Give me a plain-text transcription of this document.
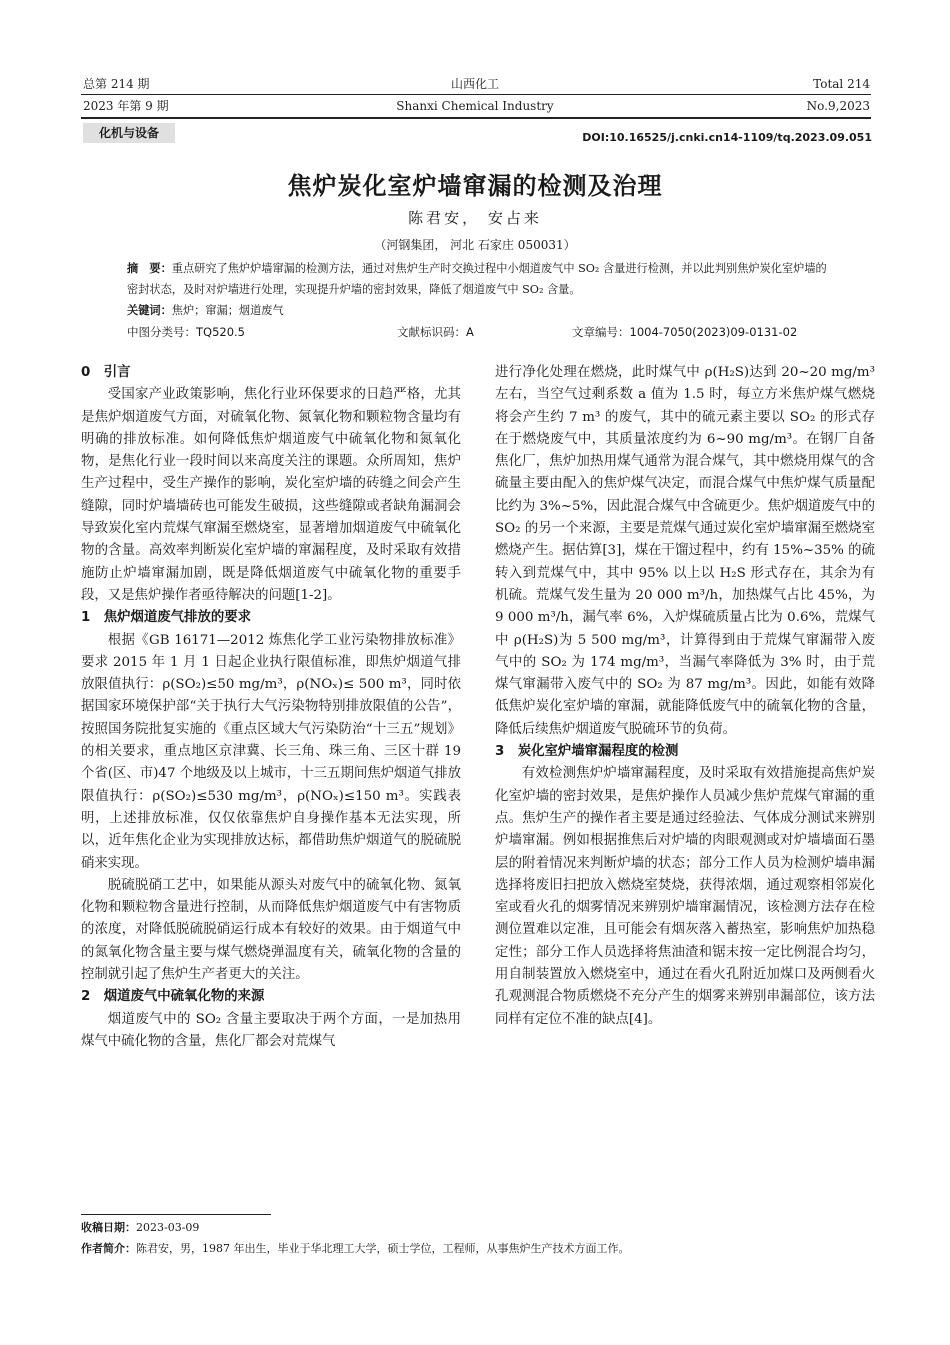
总第 214 期
2023 年第 9 期
山西化工
Shanxi Chemical Industry
Total 214
No.9,2023
化机与设备	DOI:10.16525/j.cnki.cn14-1109/tq.2023.09.051
焦炉炭化室炉墙窜漏的检测及治理
陈君安， 安占来
（河钢集团， 河北 石家庄 050031）
摘　要：重点研究了焦炉炉墙窜漏的检测方法，通过对焦炉生产时交换过程中小烟道废气中 SO₂ 含量进行检测，并以此判别焦炉炭化室炉墙的密封状态，及时对炉墙进行处理，实现提升炉墙的密封效果，降低了烟道废气中 SO₂ 含量。
关键词：焦炉；窜漏；烟道废气
中图分类号：TQ520.5	文献标识码：A	文章编号：1004-7050(2023)09-0131-02
0　引言

受国家产业政策影响，焦化行业环保要求的日趋严格，尤其是焦炉烟道废气方面，对硫氧化物、氮氧化物和颗粒物含量均有明确的排放标准。如何降低焦炉烟道废气中硫氧化物和氮氧化物，是焦化行业一段时间以来高度关注的课题。众所周知，焦炉生产过程中，受生产操作的影响，炭化室炉墙的砖缝之间会产生缝隙，同时炉墙墙砖也可能发生破损，这些缝隙或者缺角漏洞会导致炭化室内荒煤气窜漏至燃烧室，显著增加烟道废气中硫氧化物的含量。高效率判断炭化室炉墙的窜漏程度，及时采取有效措施防止炉墙窜漏加剧，既是降低烟道废气中硫氧化物的重要手段，又是焦炉操作者亟待解决的问题[1-2]。

1　焦炉烟道废气排放的要求

根据《GB 16171—2012 炼焦化学工业污染物排放标准》要求 2015 年 1 月 1 日起企业执行限值标准，即焦炉烟道气排放限值执行：ρ(SO₂)≤50 mg/m³，ρ(NOₓ)≤ 500 m³，同时依据国家环境保护部“关于执行大气污染物特别排放限值的公告”，按照国务院批复实施的《重点区域大气污染防治“十三五”规划》的相关要求，重点地区京津冀、长三角、珠三角、三区十群 19 个省(区、市)47 个地级及以上城市，十三五期间焦炉烟道气排放限值执行：ρ(SO₂)≤530 mg/m³，ρ(NOₓ)≤150 m³。实践表明，上述排放标准，仅仅依靠焦炉自身操作基本无法实现，所以，近年焦化企业为实现排放达标，都借助焦炉烟道气的脱硫脱硝来实现。

脱硫脱硝工艺中，如果能从源头对废气中的硫氧化物、氮氧化物和颗粒物含量进行控制，从而降低焦炉烟道废气中有害物质的浓度，对降低脱硫脱硝运行成本有较好的效果。由于烟道气中的氮氧化物含量主要与煤气燃烧弹温度有关，硫氧化物的含量的控制就引起了焦炉生产者更大的关注。

2　烟道废气中硫氧化物的来源

烟道废气中的 SO₂ 含量主要取决于两个方面，一是加热用煤气中硫化物的含量，焦化厂都会对荒煤气

进行净化处理在燃烧，此时煤气中 ρ(H₂S)达到 20~20 mg/m³ 左右，当空气过剩系数 a 值为 1.5 时，每立方米焦炉煤气燃烧将会产生约 7 m³ 的废气，其中的硫元素主要以 SO₂ 的形式存在于燃烧废气中，其质量浓度约为 6~90 mg/m³。在钢厂自备焦化厂，焦炉加热用煤气通常为混合煤气，其中燃烧用煤气的含硫量主要由配入的焦炉煤气决定，而混合煤气中焦炉煤气质量配比约为 3%~5%，因此混合煤气中含硫更少。焦炉烟道废气中的 SO₂ 的另一个来源，主要是荒煤气通过炭化室炉墙窜漏至燃烧室燃烧产生。据估算[3]，煤在干馏过程中，约有 15%~35% 的硫转入到荒煤气中，其中 95% 以上以 H₂S 形式存在，其余为有机硫。荒煤气发生量为 20 000 m³/h，加热煤气占比 45%，为 9 000 m³/h，漏气率 6%，入炉煤硫质量占比为 0.6%，荒煤气中 ρ(H₂S)为 5 500 mg/m³，计算得到由于荒煤气窜漏带入废气中的 SO₂ 为 174 mg/m³，当漏气率降低为 3% 时，由于荒煤气窜漏带入废气中的 SO₂ 为 87 mg/m³。因此，如能有效降低焦炉炭化室炉墙的窜漏，就能降低废气中的硫氧化物的含量，降低后续焦炉烟道废气脱硫环节的负荷。

3　炭化室炉墙窜漏程度的检测

有效检测焦炉炉墙窜漏程度，及时采取有效措施提高焦炉炭化室炉墙的密封效果，是焦炉操作人员减少焦炉荒煤气窜漏的重点。焦炉生产的操作者主要是通过经验法、气体成分测试来辨别炉墙窜漏。例如根据推焦后对炉墙的肉眼观测或对炉墙墙面石墨层的附着情况来判断炉墙的状态；部分工作人员为检测炉墙串漏选择将废旧扫把放入燃烧室焚烧，获得浓烟，通过观察相邻炭化室或看火孔的烟雾情况来辨别炉墙窜漏情况，该检测方法存在检测位置难以定准，且可能会有烟灰落入蓄热室，影响焦炉加热稳定性；部分工作人员选择将焦油渣和锯末按一定比例混合均匀，用自制装置放入燃烧室中，通过在看火孔附近加煤口及两侧看火孔观测混合物质燃烧不充分产生的烟雾来辨别串漏部位，该方法同样有定位不准的缺点[4]。

收稿日期：2023-03-09
作者简介：陈君安，男，1987 年出生，毕业于华北理工大学，硕士学位，工程师，从事焦炉生产技术方面工作。
